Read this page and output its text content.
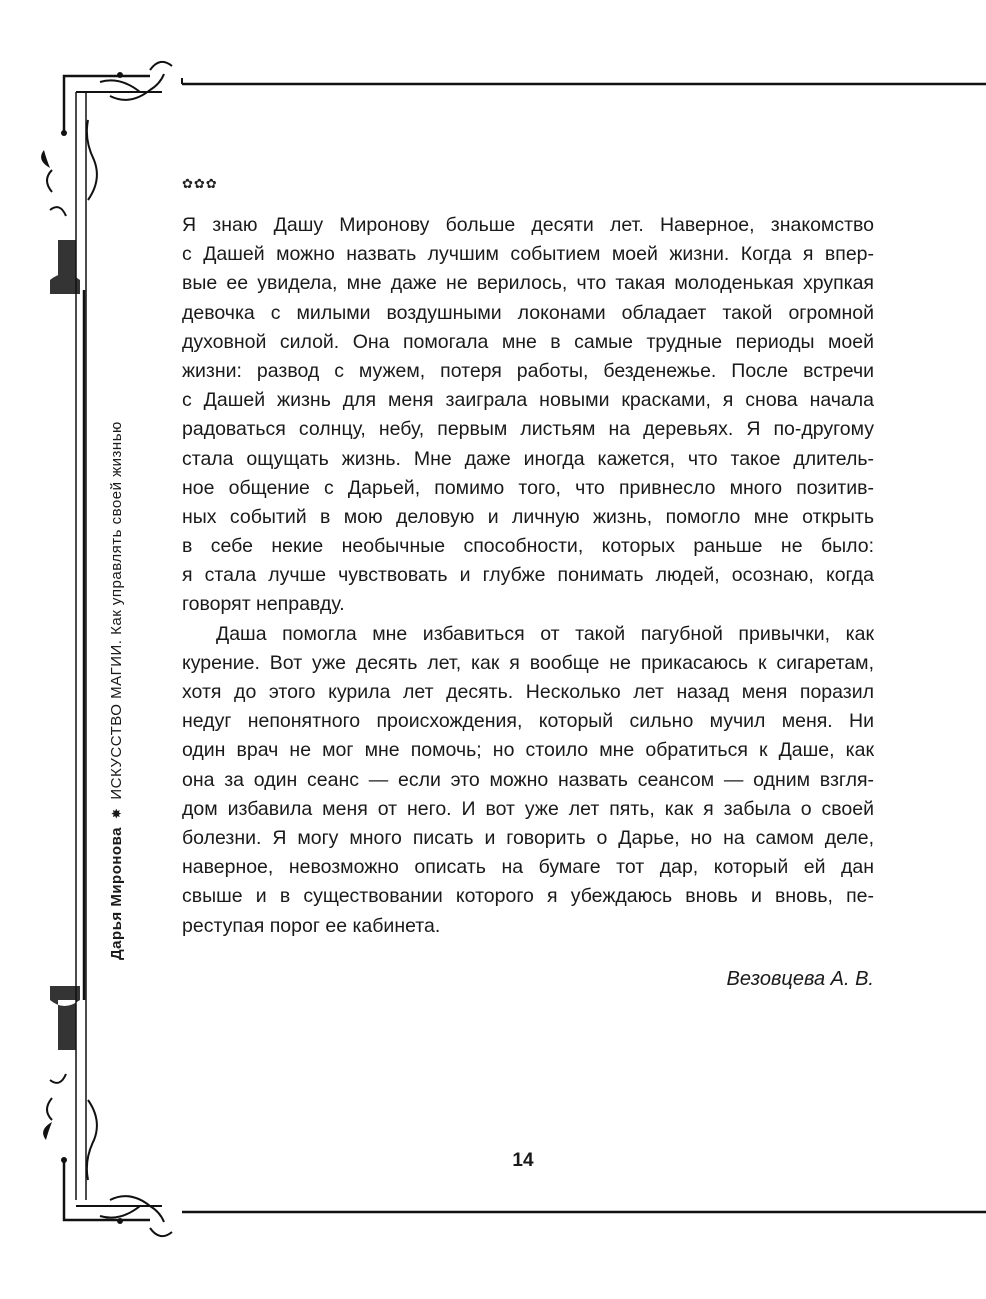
Дарья Миронова✸ИСКУССТВО МАГИИ. Как управлять своей жизнью
✿✿✿
Я знаю Дашу Миронову больше десяти лет. Наверное, знакомство
с Дашей можно назвать лучшим событием моей жизни. Когда я впер-
вые ее увидела, мне даже не верилось, что такая молоденькая хрупкая
девочка с милыми воздушными локонами обладает такой огромной
духовной силой. Она помогала мне в самые трудные периоды моей
жизни: развод с мужем, потеря работы, безденежье. После встречи
с Дашей жизнь для меня заиграла новыми красками, я снова начала
радоваться солнцу, небу, первым листьям на деревьях. Я по-другому
стала ощущать жизнь. Мне даже иногда кажется, что такое длитель-
ное общение с Дарьей, помимо того, что привнесло много позитив-
ных событий в мою деловую и личную жизнь, помогло мне открыть
в себе некие необычные способности, которых раньше не было:
я стала лучше чувствовать и глубже понимать людей, осознаю, когда
говорят неправду.
Даша помогла мне избавиться от такой пагубной привычки, как
курение. Вот уже десять лет, как я вообще не прикасаюсь к сигаретам,
хотя до этого курила лет десять. Несколько лет назад меня поразил
недуг непонятного происхождения, который сильно мучил меня. Ни
один врач не мог мне помочь; но стоило мне обратиться к Даше, как
она за один сеанс — если это можно назвать сеансом — одним взгля-
дом избавила меня от него. И вот уже лет пять, как я забыла о своей
болезни. Я могу много писать и говорить о Дарье, но на самом деле,
наверное, невозможно описать на бумаге тот дар, который ей дан
свыше и в существовании которого я убеждаюсь вновь и вновь, пе-
реступая порог ее кабинета.
Везовцева А. В.
14
